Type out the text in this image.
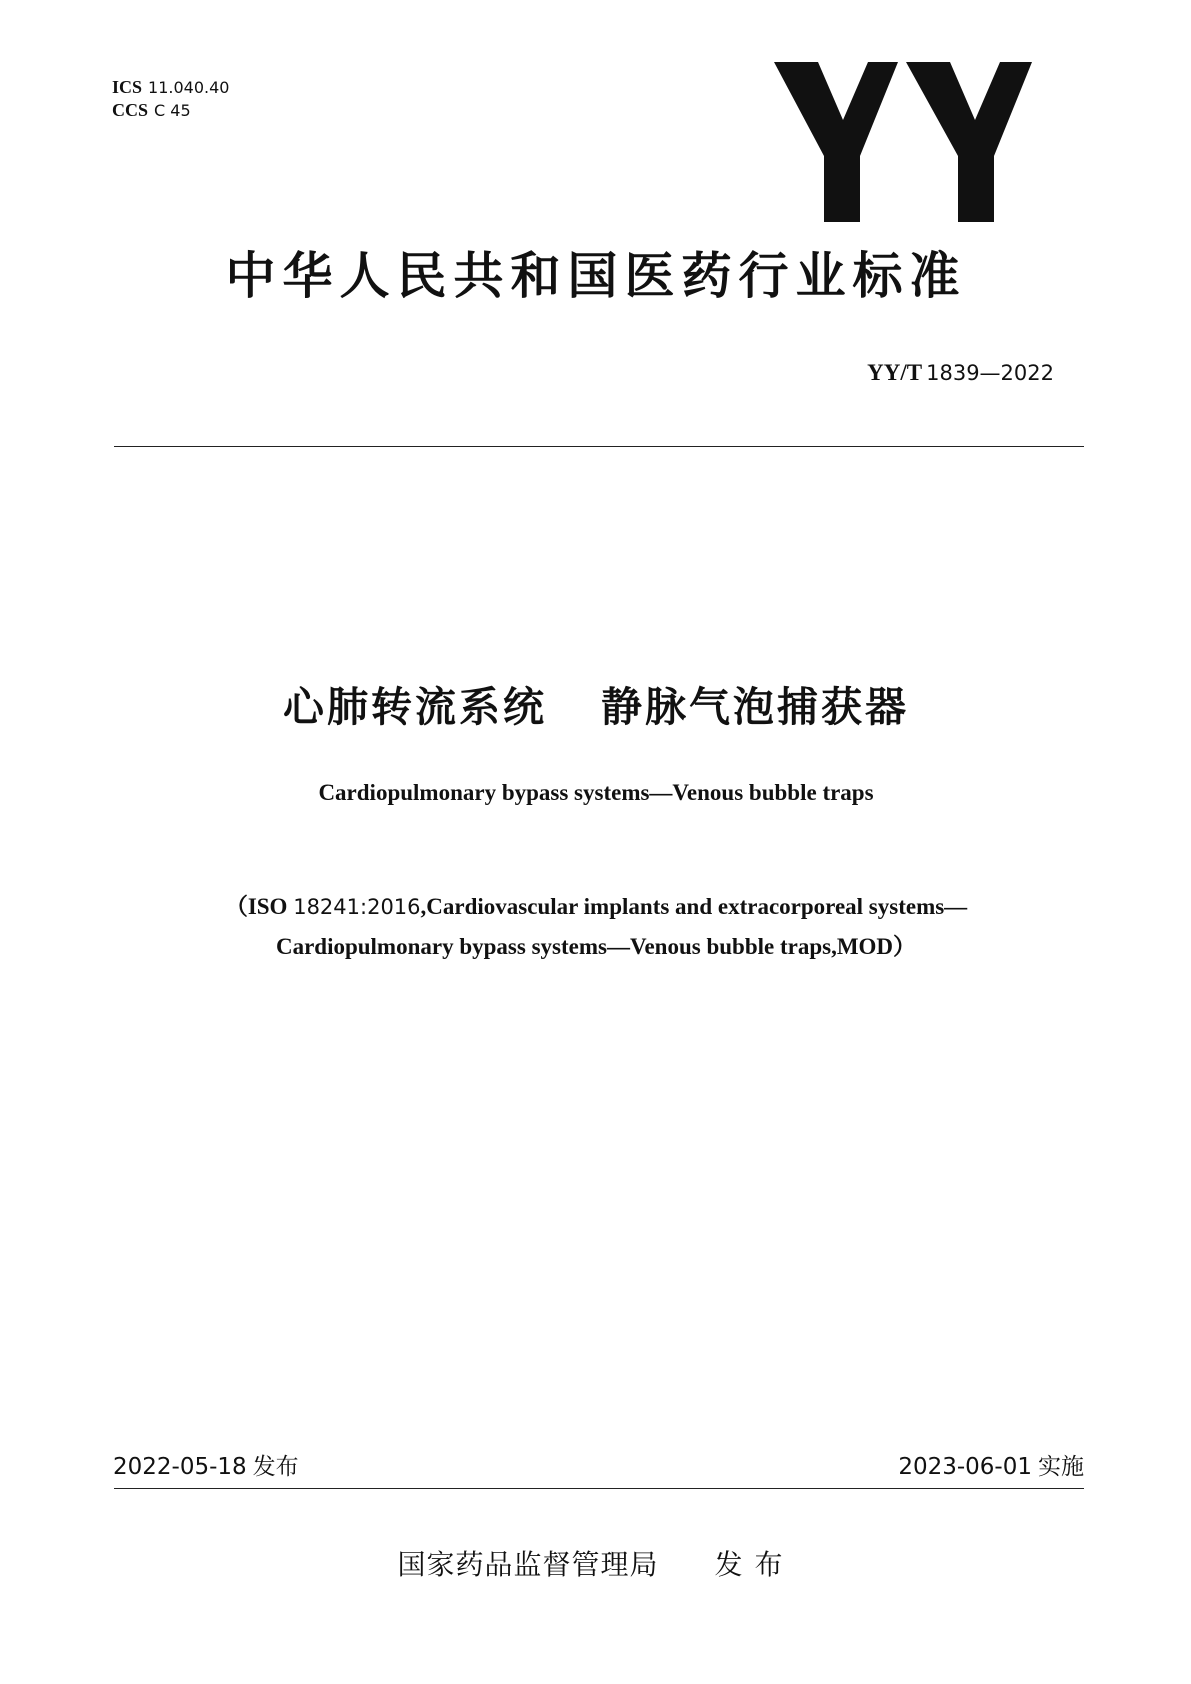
ICS 11.040.40
CCS C 45
中华人民共和国医药行业标准
YY/T 1839—2022
心肺转流系统 静脉气泡捕获器
Cardiopulmonary bypass systems—Venous bubble traps
（ISO 18241:2016,Cardiovascular implants and extracorporeal systems—
Cardiopulmonary bypass systems—Venous bubble traps,MOD）
2022-05-18 发布	2023-06-01 实施
国家药品监督管理局 发布
